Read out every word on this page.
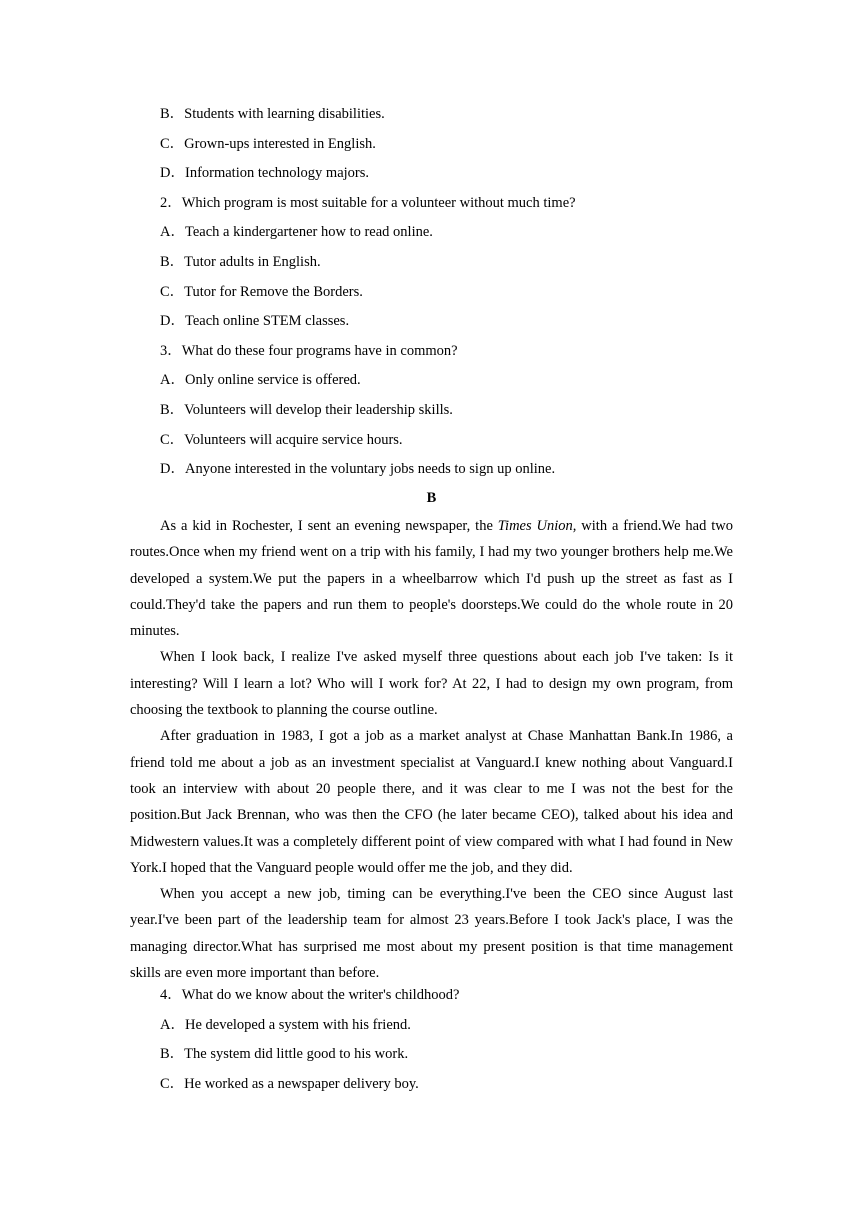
B．Students with learning disabilities.
C．Grown-ups interested in English.
D．Information technology majors.
2．Which program is most suitable for a volunteer without much time?
A．Teach a kindergartener how to read online.
B．Tutor adults in English.
C．Tutor for Remove the Borders.
D．Teach online STEM classes.
3．What do these four programs have in common?
A．Only online service is offered.
B．Volunteers will develop their leadership skills.
C．Volunteers will acquire service hours.
D．Anyone interested in the voluntary jobs needs to sign up online.
B

As a kid in Rochester, I sent an evening newspaper, the Times Union, with a friend.We had two routes.Once when my friend went on a trip with his family, I had my two younger brothers help me.We developed a system.We put the papers in a wheelbarrow which I'd push up the street as fast as I could.They'd take the papers and run them to people's doorsteps.We could do the whole route in 20 minutes.

When I look back, I realize I've asked myself three questions about each job I've taken: Is it interesting? Will I learn a lot? Who will I work for? At 22, I had to design my own program, from choosing the textbook to planning the course outline.

After graduation in 1983, I got a job as a market analyst at Chase Manhattan Bank.In 1986, a friend told me about a job as an investment specialist at Vanguard.I knew nothing about Vanguard.I took an interview with about 20 people there, and it was clear to me I was not the best for the position.But Jack Brennan, who was then the CFO (he later became CEO), talked about his idea and Midwestern values.It was a completely different point of view compared with what I had found in New York.I hoped that the Vanguard people would offer me the job, and they did.

When you accept a new job, timing can be everything.I've been the CEO since August last year.I've been part of the leadership team for almost 23 years.Before I took Jack's place, I was the managing director.What has surprised me most about my present position is that time management skills are even more important than before.

4．What do we know about the writer's childhood?
A．He developed a system with his friend.
B．The system did little good to his work.
C．He worked as a newspaper delivery boy.
